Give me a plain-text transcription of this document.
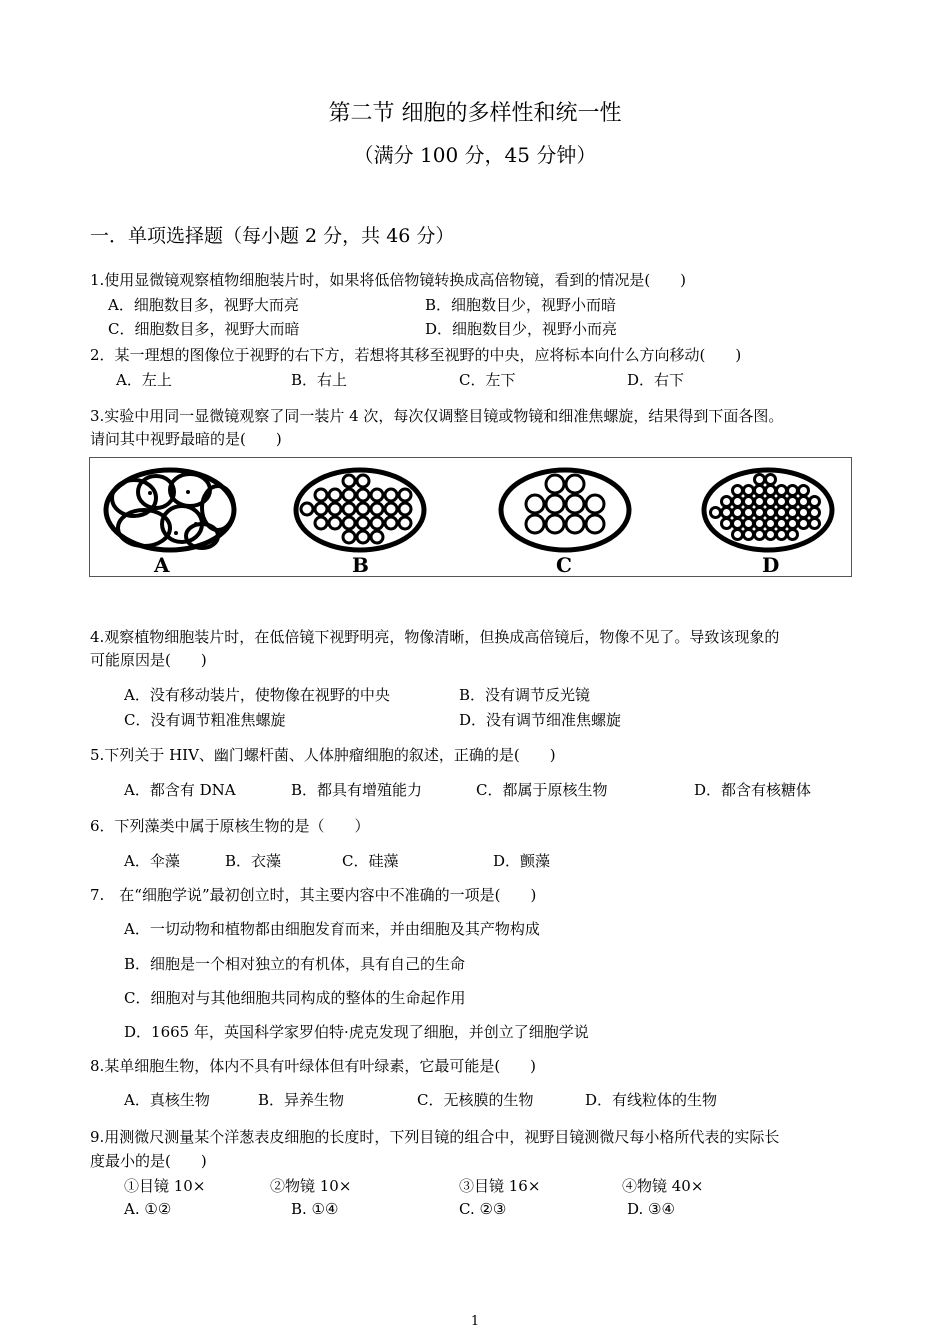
第二节 细胞的多样性和统一性
（满分 100 分，45 分钟）
一．单项选择题（每小题 2 分，共 46 分）
1.使用显微镜观察植物细胞装片时，如果将低倍物镜转换成高倍物镜，看到的情况是(　　)
A．细胞数目多，视野大而亮	B．细胞数目少，视野小而暗
C．细胞数目多，视野大而暗	D．细胞数目少，视野小而亮
2．某一理想的图像位于视野的右下方，若想将其移至视野的中央，应将标本向什么方向移动(　　)
A．左上	B．右上	C．左下	D．右下
3.实验中用同一显微镜观察了同一装片 4 次，每次仅调整目镜或物镜和细准焦螺旋，结果得到下面各图。
请问其中视野最暗的是(　　)
A	B	C	D
4.观察植物细胞装片时，在低倍镜下视野明亮，物像清晰，但换成高倍镜后，物像不见了。导致该现象的
可能原因是(　　)
A．没有移动装片，使物像在视野的中央	B．没有调节反光镜
C．没有调节粗准焦螺旋	D．没有调节细准焦螺旋
5.下列关于 HIV、幽门螺杆菌、人体肿瘤细胞的叙述，正确的是(　　)
A．都含有 DNA	B．都具有增殖能力	C．都属于原核生物	D．都含有核糖体
6．下列藻类中属于原核生物的是（　　）
A．伞藻	B．衣藻	C．硅藻	D．颤藻
7.　在“细胞学说”最初创立时，其主要内容中不准确的一项是(　　)
A．一切动物和植物都由细胞发育而来，并由细胞及其产物构成
B．细胞是一个相对独立的有机体，具有自己的生命
C．细胞对与其他细胞共同构成的整体的生命起作用
D．1665 年，英国科学家罗伯特·虎克发现了细胞，并创立了细胞学说
8.某单细胞生物，体内不具有叶绿体但有叶绿素，它最可能是(　　)
A．真核生物	B．异养生物	C．无核膜的生物	D．有线粒体的生物
9.用测微尺测量某个洋葱表皮细胞的长度时，下列目镜的组合中，视野目镜测微尺每小格所代表的实际长
度最小的是(　　)
①目镜 10×	②物镜 10×	③目镜 16×	④物镜 40×
A. ①②	B. ①④	C. ②③	D. ③④
1
